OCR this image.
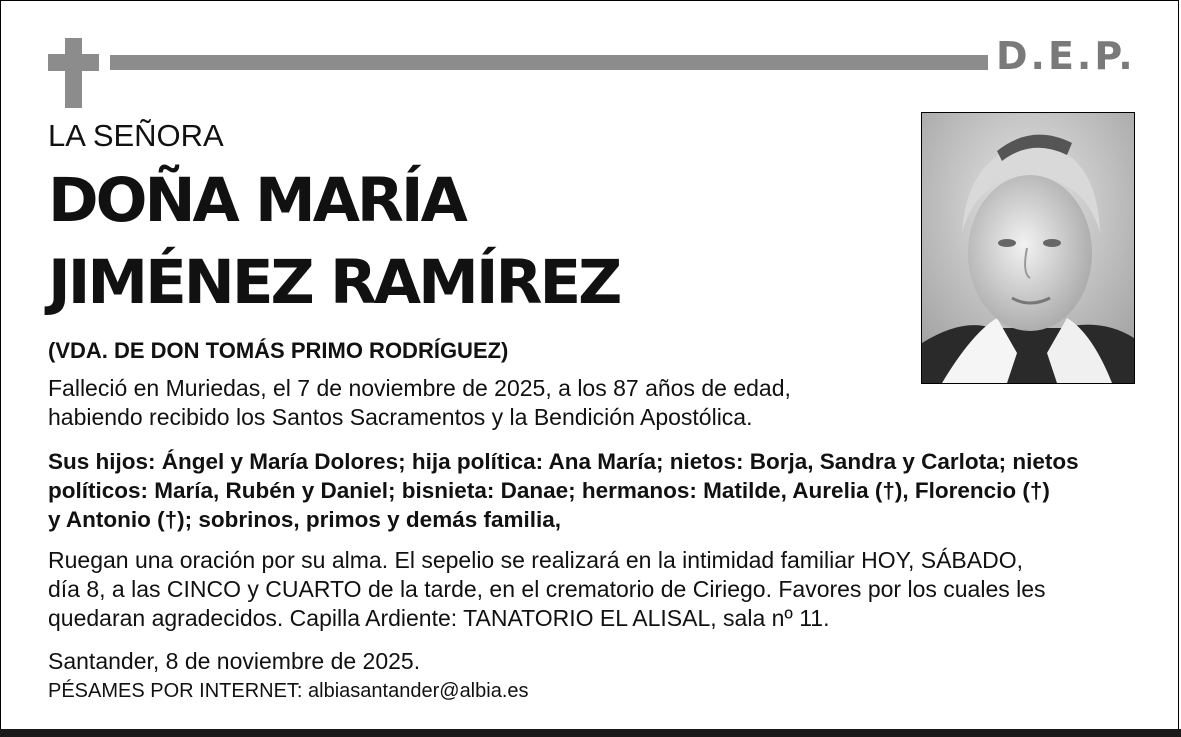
D.E.P.
LA SEÑORA
DOÑA MARÍA
JIMÉNEZ RAMÍREZ
(VDA. DE DON TOMÁS PRIMO RODRÍGUEZ)
Falleció en Muriedas, el 7 de noviembre de 2025, a los 87 años de edad,
habiendo recibido los Santos Sacramentos y la Bendición Apostólica.
Sus hijos: Ángel y María Dolores; hija política: Ana María; nietos: Borja, Sandra y Carlota; nietos
políticos: María, Rubén y Daniel; bisnieta: Danae; hermanos: Matilde, Aurelia (†), Florencio (†)
y Antonio (†); sobrinos, primos y demás familia,
Ruegan una oración por su alma. El sepelio se realizará en la intimidad familiar HOY, SÁBADO,
día 8, a las CINCO y CUARTO de la tarde, en el crematorio de Ciriego. Favores por los cuales les
quedaran agradecidos. Capilla Ardiente: TANATORIO EL ALISAL, sala nº 11.
Santander, 8 de noviembre de 2025.
PÉSAMES POR INTERNET: albiasantander@albia.es
